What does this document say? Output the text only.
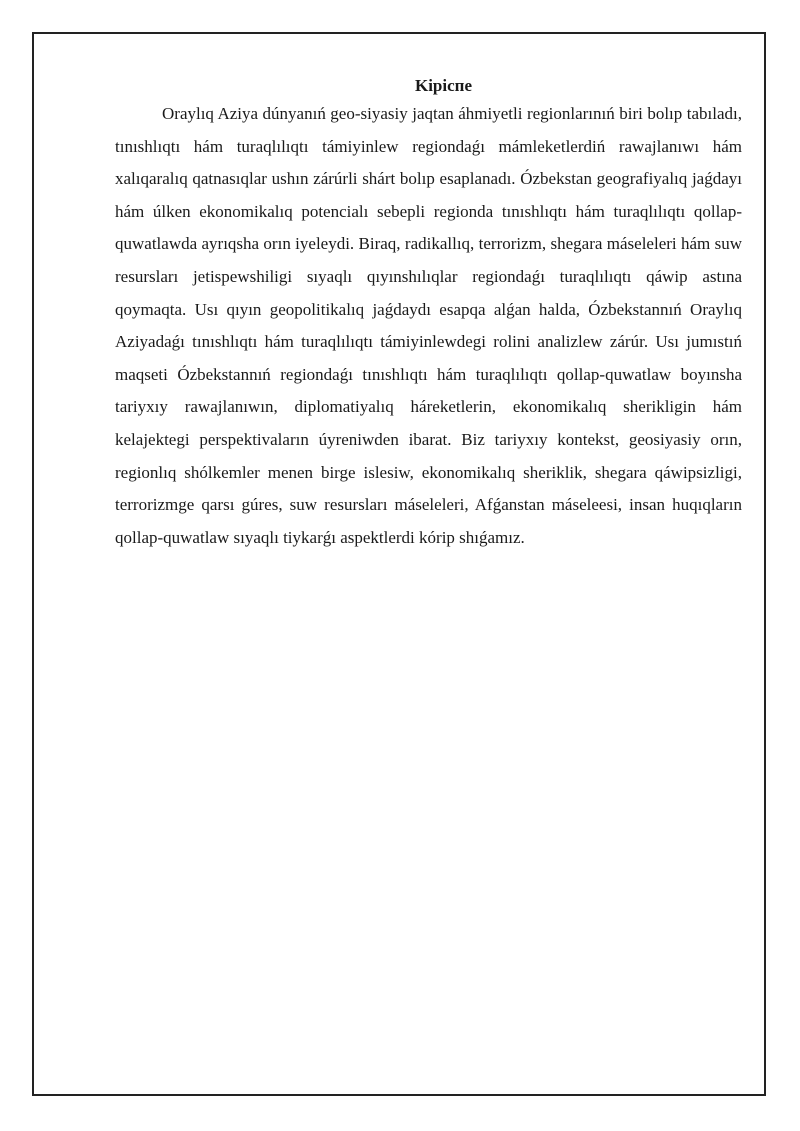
Kipicпe

Oraylıq Aziya dúnyanıń geo-siyasiy jaqtan áhmiyetli regionlarınıń biri bolıp tabıladı, tınıshlıqtı hám turaqlılıqtı támiyinlew regiondaǵı mámleketlerdiń rawajlanıwı hám xalıqaralıq qatnasıqlar ushın zárúrli shárt bolıp esaplanadı. Ózbekstan geografiyalıq jaǵdayı hám úlken ekonomikalıq potencialı sebepli regionda tınıshlıqtı hám turaqlılıqtı qollap-quwatlawda ayrıqsha orın iyeleydi. Biraq, radikallıq, terrorizm, shegara máseleleri hám suw resursları jetispewshiligi sıyaqlı qıyınshılıqlar regiondaǵı turaqlılıqtı qáwip astına qoymaqta. Usı qıyın geopolitikalıq jaǵdaydı esapqa alǵan halda, Ózbekstannıń Oraylıq Aziyadaǵı tınıshlıqtı hám turaqlılıqtı támiyinlewdegi rolini analizlew zárúr. Usı jumıstıń maqseti Ózbekstannıń regiondaǵı tınıshlıqtı hám turaqlılıqtı qollap-quwatlaw boyınsha tariyxıy rawajlanıwın, diplomatiyalıq háreketlerin, ekonomikalıq sherikligin hám kelajektegi perspektivaların úyreniwden ibarat. Biz tariyxıy kontekst, geosiyasiy orın, regionlıq shólkemler menen birge islesiw, ekonomikalıq sheriklik, shegara qáwipsizligi, terrorizmge qarsı gúres, suw resursları máseleleri, Afǵanstan máseleesi, insan huqıqların qollap-quwatlaw sıyaqlı tiykarǵı aspektlerdi kórip shıǵamız.
